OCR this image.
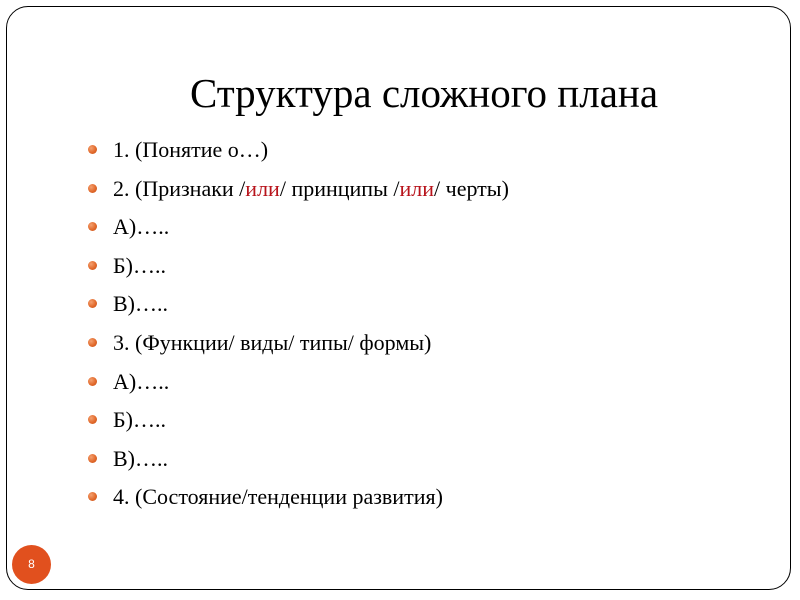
Структура сложного плана
1. (Понятие о…)
2. (Признаки /или/ принципы /или/ черты)
А)…..
Б)…..
В)…..
3. (Функции/ виды/ типы/ формы)
А)…..
Б)…..
В)…..
4. (Состояние/тенденции развития)
8
